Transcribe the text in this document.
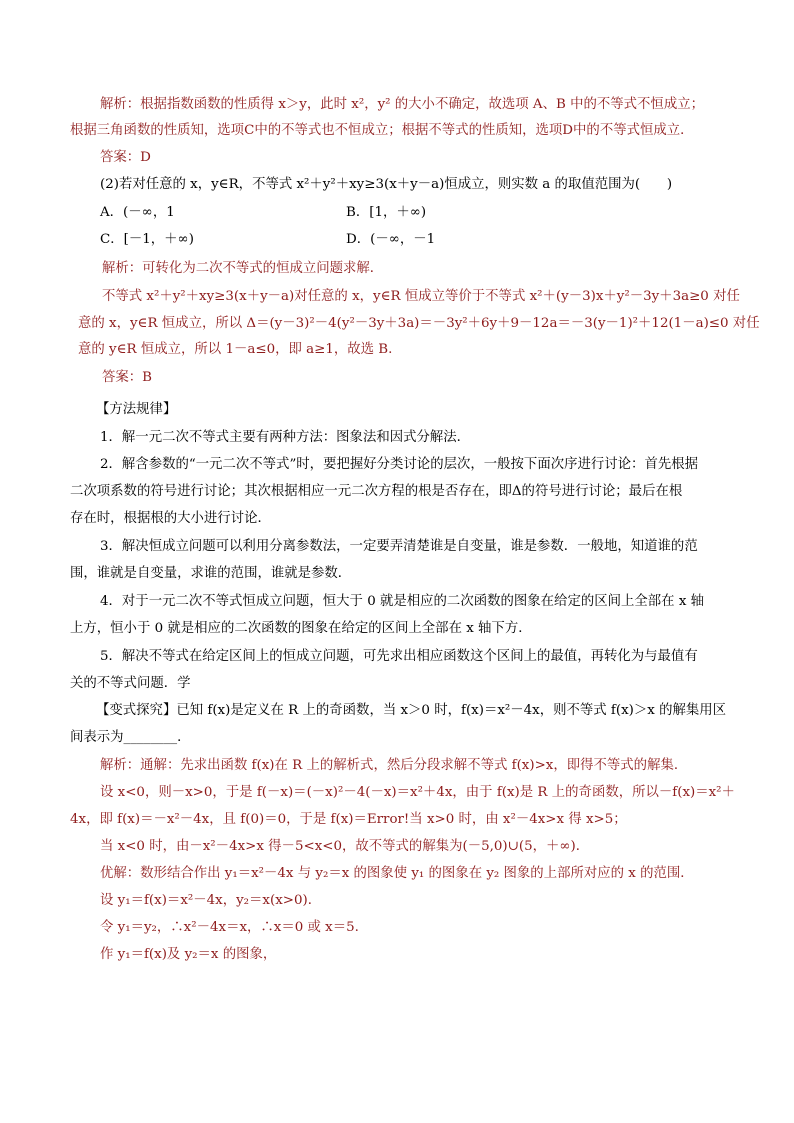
解析：根据指数函数的性质得 x＞y，此时 x²，y² 的大小不确定，故选项 A、B 中的不等式不恒成立；
根据三角函数的性质知，选项C中的不等式也不恒成立；根据不等式的性质知，选项D中的不等式恒成立．
答案：D
(2)若对任意的 x，y∈R，不等式 x²＋y²＋xy≥3(x＋y－a)恒成立，则实数 a 的取值范围为(　　)
A．(－∞，1	B．[1，＋∞)
C．[－1，＋∞)	D．(－∞，－1
解析：可转化为二次不等式的恒成立问题求解．
不等式 x²＋y²＋xy≥3(x＋y－a)对任意的 x，y∈R 恒成立等价于不等式 x²＋(y－3)x＋y²－3y＋3a≥0 对任
意的 x，y∈R 恒成立，所以 Δ＝(y－3)²－4(y²－3y＋3a)＝－3y²＋6y＋9－12a＝－3(y－1)²＋12(1－a)≤0 对任
意的 y∈R 恒成立，所以 1－a≤0，即 a≥1，故选 B.
答案：B
【方法规律】
1．解一元二次不等式主要有两种方法：图象法和因式分解法．
2．解含参数的“一元二次不等式”时，要把握好分类讨论的层次，一般按下面次序进行讨论：首先根据
二次项系数的符号进行讨论；其次根据相应一元二次方程的根是否存在，即Δ的符号进行讨论；最后在根
存在时，根据根的大小进行讨论．
3．解决恒成立问题可以利用分离参数法，一定要弄清楚谁是自变量，谁是参数．一般地，知道谁的范
围，谁就是自变量，求谁的范围，谁就是参数．
4．对于一元二次不等式恒成立问题，恒大于 0 就是相应的二次函数的图象在给定的区间上全部在 x 轴
上方，恒小于 0 就是相应的二次函数的图象在给定的区间上全部在 x 轴下方．
5．解决不等式在给定区间上的恒成立问题，可先求出相应函数这个区间上的最值，再转化为与最值有
关的不等式问题．学
【变式探究】已知 f(x)是定义在 R 上的奇函数，当 x＞0 时，f(x)＝x²－4x，则不等式 f(x)＞x 的解集用区
间表示为________．
解析：通解：先求出函数 f(x)在 R 上的解析式，然后分段求解不等式 f(x)>x，即得不等式的解集．
设 x<0，则－x>0，于是 f(－x)＝(－x)²－4(－x)＝x²＋4x，由于 f(x)是 R 上的奇函数，所以－f(x)＝x²＋
4x，即 f(x)＝－x²－4x，且 f(0)＝0，于是 f(x)＝Error!当 x>0 时，由 x²－4x>x 得 x>5；
当 x<0 时，由－x²－4x>x 得－5<x<0，故不等式的解集为(－5,0)∪(5，＋∞)．
优解：数形结合作出 y₁＝x²－4x 与 y₂＝x 的图象使 y₁ 的图象在 y₂ 图象的上部所对应的 x 的范围．
设 y₁＝f(x)＝x²－4x，y₂＝x(x>0)．
令 y₁＝y₂，∴x²－4x＝x，∴x＝0 或 x＝5.
作 y₁＝f(x)及 y₂＝x 的图象，
